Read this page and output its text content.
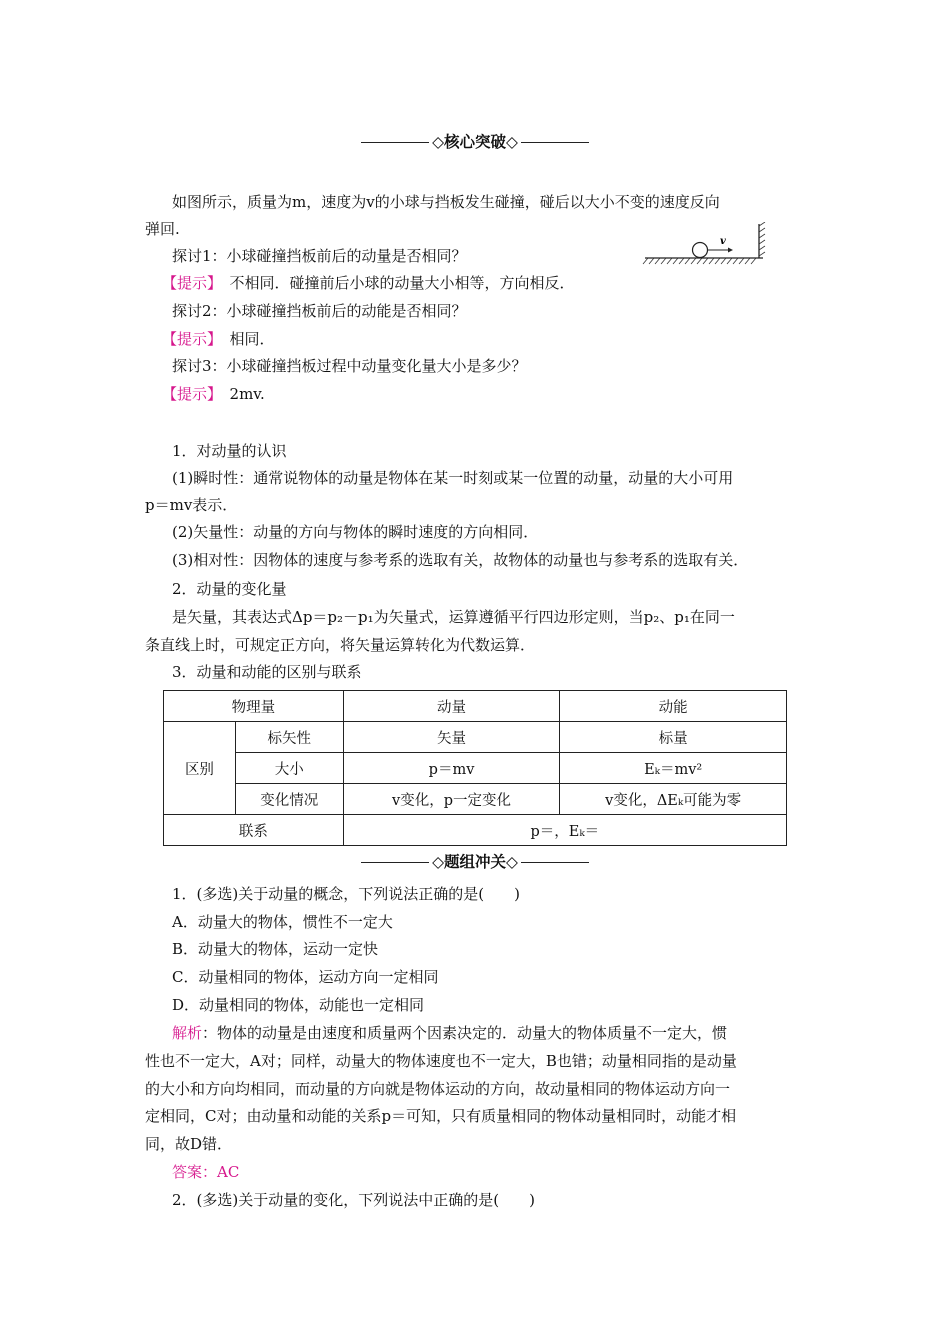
◇核心突破◇
如图所示，质量为m，速度为v的小球与挡板发生碰撞，碰后以大小不变的速度反向
弹回.
v
探讨1：小球碰撞挡板前后的动量是否相同？
【提示】　 不相同．碰撞前后小球的动量大小相等，方向相反．
探讨2：小球碰撞挡板前后的动能是否相同？
【提示】　 相同．
探讨3：小球碰撞挡板过程中动量变化量大小是多少？
【提示】　 2mv.
1．对动量的认识
(1)瞬时性：通常说物体的动量是物体在某一时刻或某一位置的动量，动量的大小可用
p＝mv表示．
(2)矢量性：动量的方向与物体的瞬时速度的方向相同．
(3)相对性：因物体的速度与参考系的选取有关，故物体的动量也与参考系的选取有关．
2．动量的变化量
是矢量，其表达式Δp＝p₂－p₁为矢量式，运算遵循平行四边形定则，当p₂、p₁在同一
条直线上时，可规定正方向，将矢量运算转化为代数运算．
3．动量和动能的区别与联系
物理量		动量	动能
区别	标矢性	矢量	标量
	大小	p＝mv	Eₖ＝mv²
	变化情况	v变化，p一定变化	v变化，ΔEₖ可能为零
联系		p＝，Eₖ＝	
◇题组冲关◇
1．(多选)关于动量的概念，下列说法正确的是(　　)
A．动量大的物体，惯性不一定大
B．动量大的物体，运动一定快
C．动量相同的物体，运动方向一定相同
D．动量相同的物体，动能也一定相同
解析：物体的动量是由速度和质量两个因素决定的．动量大的物体质量不一定大，惯
性也不一定大，A对；同样，动量大的物体速度也不一定大，B也错；动量相同指的是动量
的大小和方向均相同，而动量的方向就是物体运动的方向，故动量相同的物体运动方向一
定相同，C对；由动量和动能的关系p＝可知，只有质量相同的物体动量相同时，动能才相
同，故D错．
答案：AC
2．(多选)关于动量的变化，下列说法中正确的是(　　)
